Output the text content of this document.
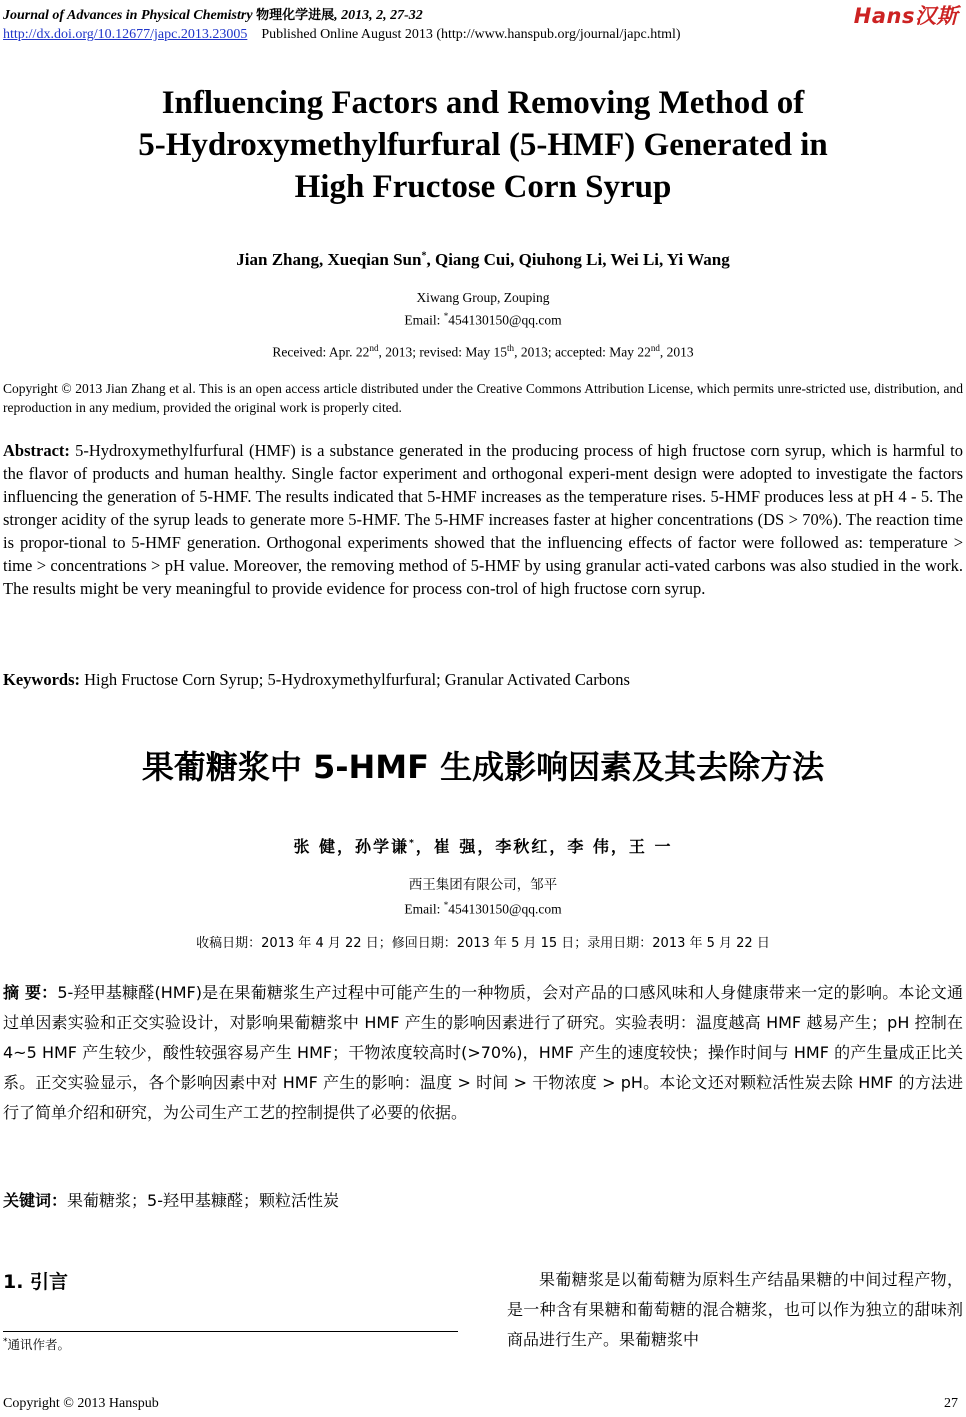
Journal of Advances in Physical Chemistry 物理化学进展, 2013, 2, 27-32	Hans汉斯
http://dx.doi.org/10.12677/japc.2013.23005 Published Online August 2013 (http://www.hanspub.org/journal/japc.html)
Influencing Factors and Removing Method of
5-Hydroxymethylfurfural (5-HMF) Generated in
High Fructose Corn Syrup
Jian Zhang, Xueqian Sun*, Qiang Cui, Qiuhong Li, Wei Li, Yi Wang
Xiwang Group, Zouping
Email: *454130150@qq.com
Received: Apr. 22nd, 2013; revised: May 15th, 2013; accepted: May 22nd, 2013
Copyright © 2013 Jian Zhang et al. This is an open access article distributed under the Creative Commons Attribution License, which permits unre-stricted use, distribution, and reproduction in any medium, provided the original work is properly cited.
Abstract: 5-Hydroxymethylfurfural (HMF) is a substance generated in the producing process of high fructose corn syrup, which is harmful to the flavor of products and human healthy. Single factor experiment and orthogonal experi-ment design were adopted to investigate the factors influencing the generation of 5-HMF. The results indicated that 5-HMF increases as the temperature rises. 5-HMF produces less at pH 4 - 5. The stronger acidity of the syrup leads to generate more 5-HMF. The 5-HMF increases faster at higher concentrations (DS > 70%). The reaction time is propor-tional to 5-HMF generation. Orthogonal experiments showed that the influencing effects of factor were followed as: temperature > time > concentrations > pH value. Moreover, the removing method of 5-HMF by using granular acti-vated carbons was also studied in the work. The results might be very meaningful to provide evidence for process con-trol of high fructose corn syrup.
Keywords: High Fructose Corn Syrup; 5-Hydroxymethylfurfural; Granular Activated Carbons
果葡糖浆中 5-HMF 生成影响因素及其去除方法
张 健，孙学谦*，崔 强，李秋红，李 伟，王 一
西王集团有限公司，邹平
Email: *454130150@qq.com
收稿日期：2013 年 4 月 22 日；修回日期：2013 年 5 月 15 日；录用日期：2013 年 5 月 22 日
摘 要：5-羟甲基糠醛(HMF)是在果葡糖浆生产过程中可能产生的一种物质，会对产品的口感风味和人身健康带来一定的影响。本论文通过单因素实验和正交实验设计，对影响果葡糖浆中 HMF 产生的影响因素进行了研究。实验表明：温度越高 HMF 越易产生；pH 控制在 4~5 HMF 产生较少，酸性较强容易产生 HMF；干物浓度较高时(>70%)，HMF 产生的速度较快；操作时间与 HMF 的产生量成正比关系。正交实验显示，各个影响因素中对 HMF 产生的影响：温度 > 时间 > 干物浓度 > pH。本论文还对颗粒活性炭去除 HMF 的方法进行了简单介绍和研究，为公司生产工艺的控制提供了必要的依据。
关键词：果葡糖浆；5-羟甲基糠醛；颗粒活性炭
1. 引言	果葡糖浆是以葡萄糖为原料生产结晶果糖的中间过程产物，是一种含有果糖和葡萄糖的混合糖浆，也可以作为独立的甜味剂商品进行生产。果葡糖浆中
*通讯作者。
Copyright © 2013 Hanspub	27
